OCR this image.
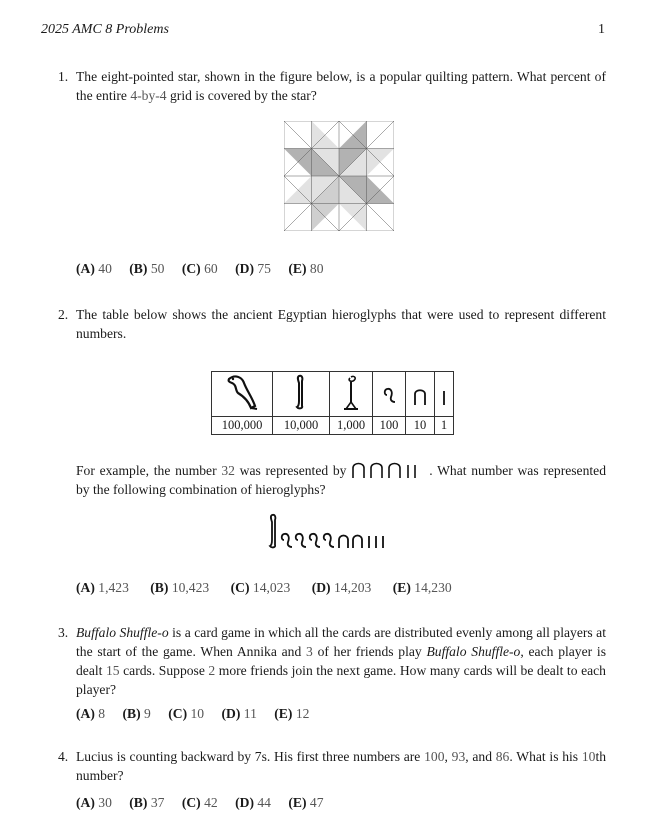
2025 AMC 8 Problems	1
1. The eight-pointed star, shown in the figure below, is a popular quilting pattern. What percent of the entire 4-by-4 grid is covered by the star?
(A) 40 (B) 50 (C) 60 (D) 75 (E) 80
2. The table below shows the ancient Egyptian hieroglyphs that were used to represent different numbers.

100,000	10,000	1,000	100	10	1
For example, the number 32 was represented by	. What number was represented by the following combination of hieroglyphs?
(A) 1,423 (B) 10,423 (C) 14,023 (D) 14,203 (E) 14,230
3. Buffalo Shuffle-o is a card game in which all the cards are distributed evenly among all players at the start of the game. When Annika and 3 of her friends play Buffalo Shuffle-o, each player is dealt 15 cards. Suppose 2 more friends join the next game. How many cards will be dealt to each player?
(A) 8 (B) 9 (C) 10 (D) 11 (E) 12
4. Lucius is counting backward by 7s. His first three numbers are 100, 93, and 86. What is his 10th number?
(A) 30 (B) 37 (C) 42 (D) 44 (E) 47
